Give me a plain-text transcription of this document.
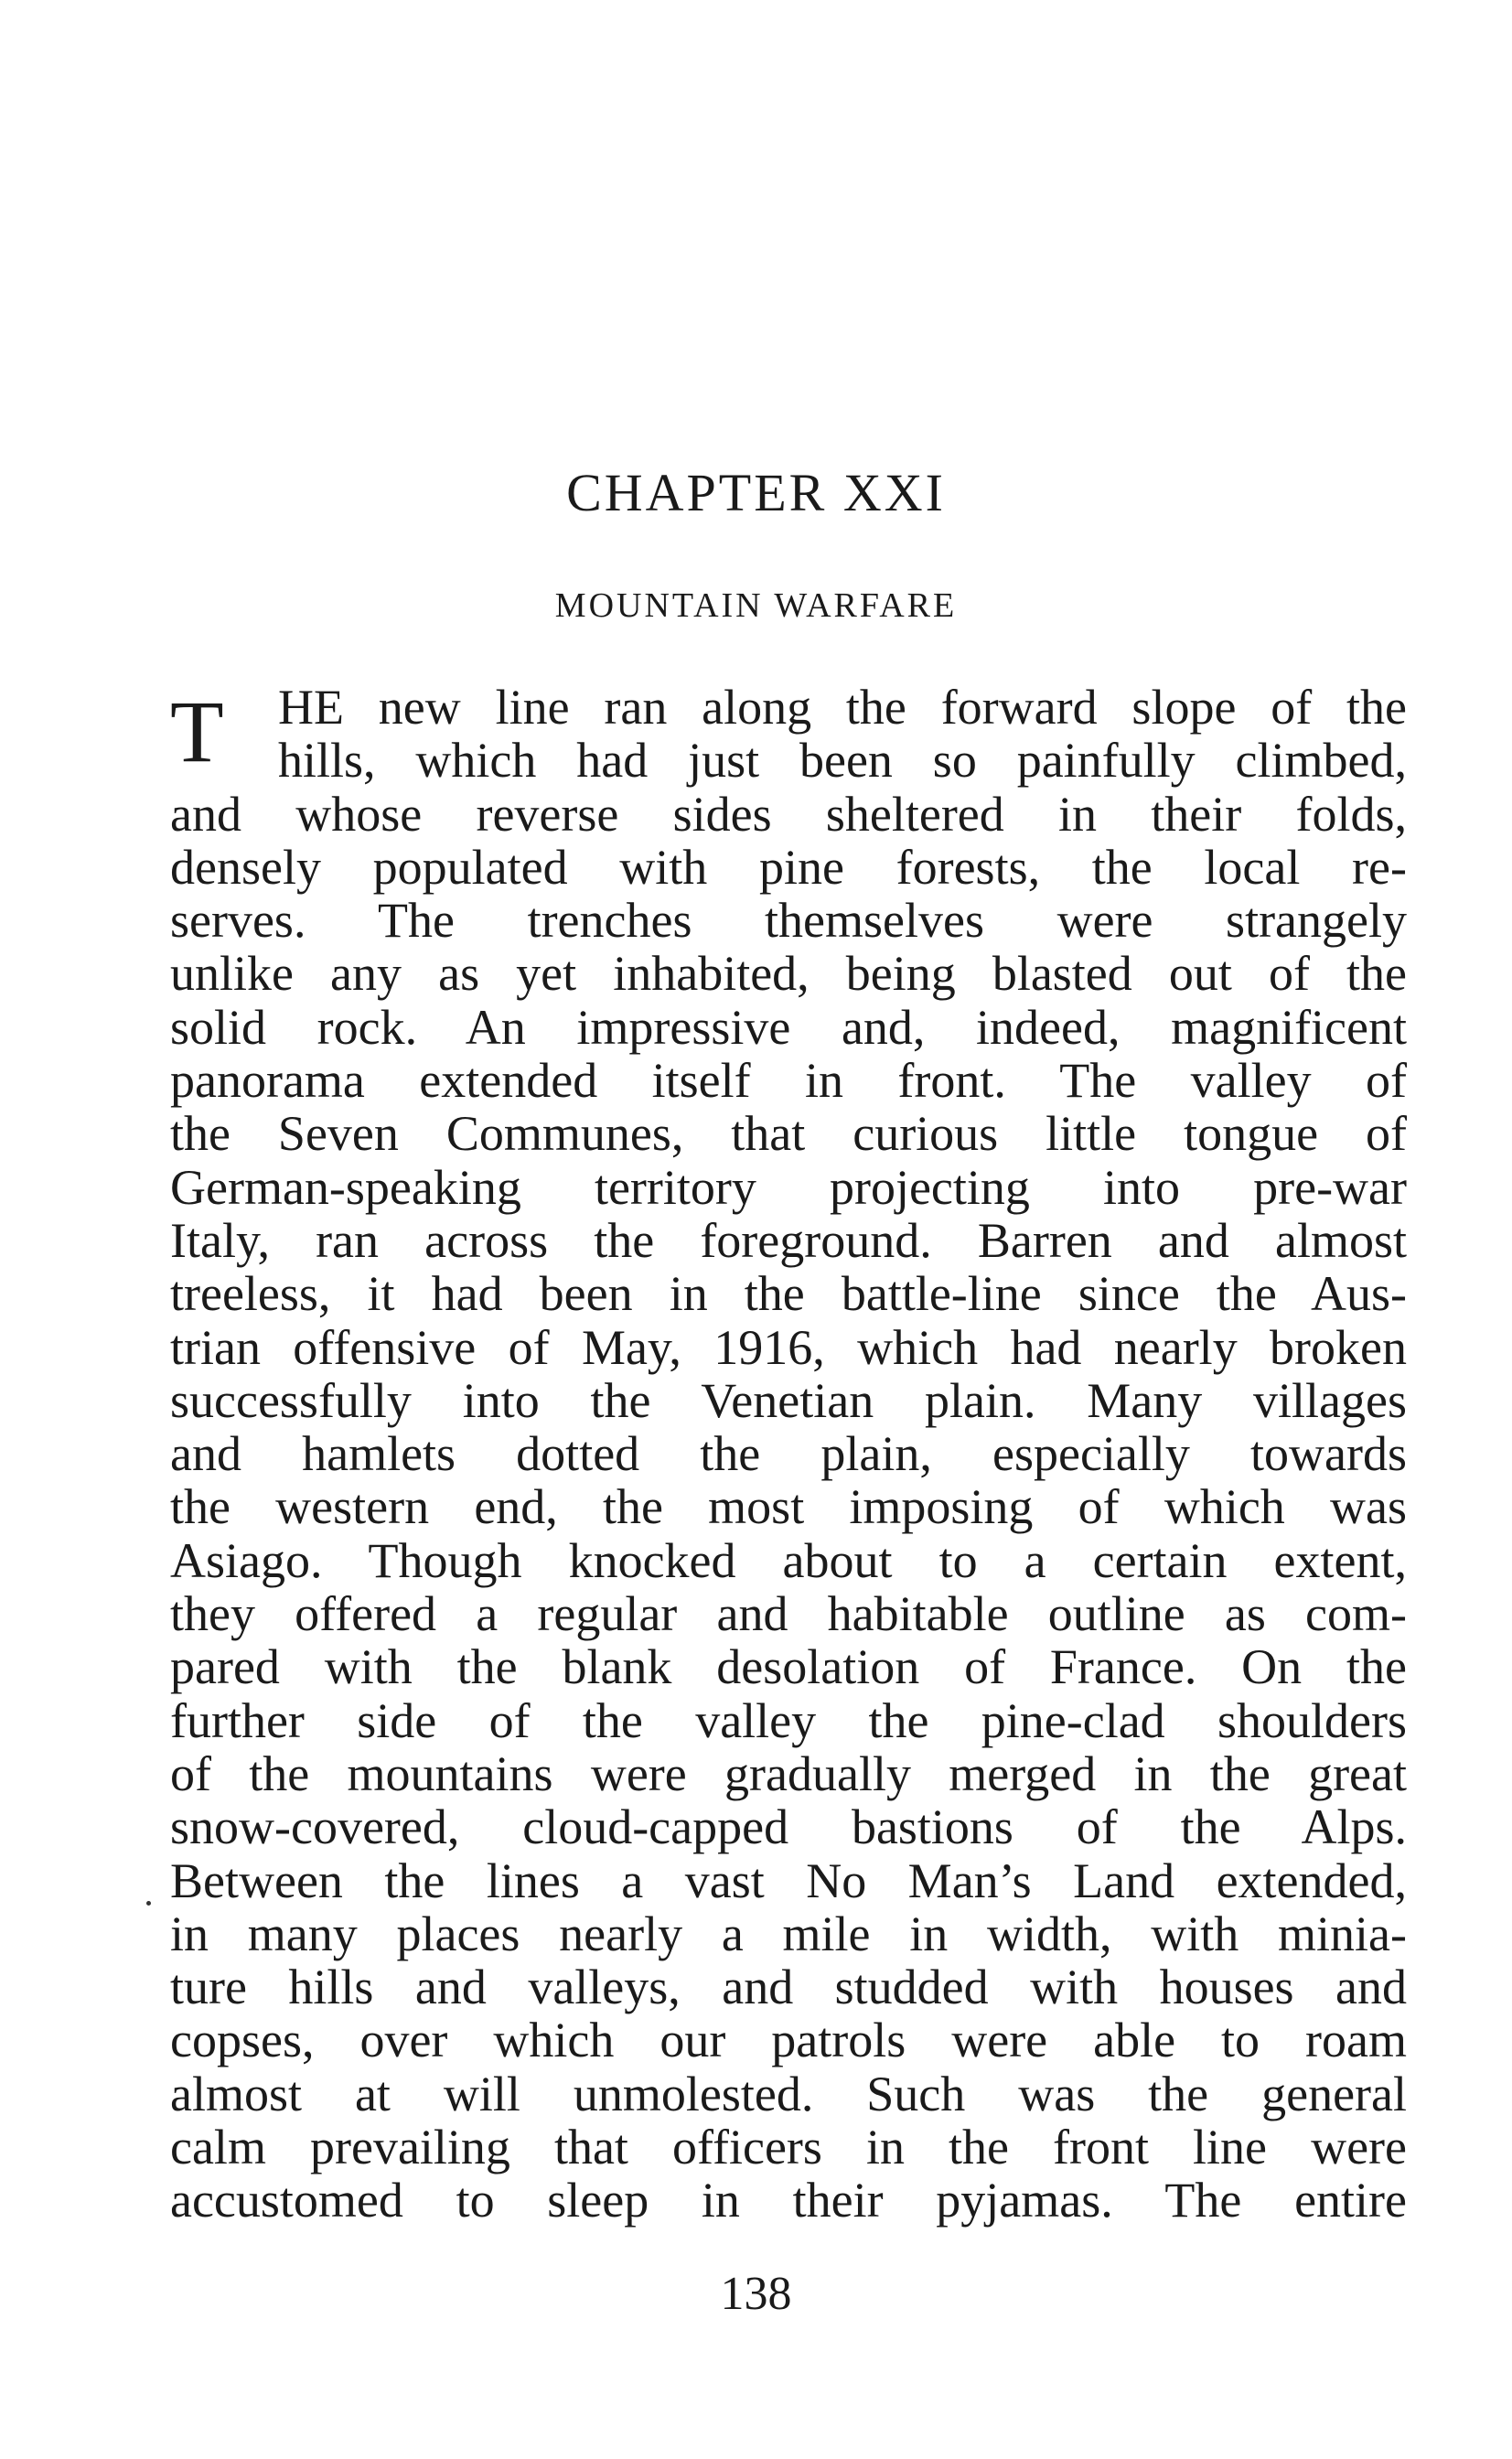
CHAPTER XXI
MOUNTAIN WARFARE
T	HE new line ran along the forward slope of the
hills, which had just been so painfully climbed,
and whose reverse sides sheltered in their folds,
densely populated with pine forests, the local re-
serves. The trenches themselves were strangely
unlike any as yet inhabited, being blasted out of the
solid rock. An impressive and, indeed, magnificent
panorama extended itself in front. The valley of
the Seven Communes, that curious little tongue of
German-speaking territory projecting into pre-war
Italy, ran across the foreground. Barren and almost
treeless, it had been in the battle-line since the Aus-
trian offensive of May, 1916, which had nearly broken
successfully into the Venetian plain. Many villages
and hamlets dotted the plain, especially towards
the western end, the most imposing of which was
Asiago. Though knocked about to a certain extent,
they offered a regular and habitable outline as com-
pared with the blank desolation of France. On the
further side of the valley the pine-clad shoulders
of the mountains were gradually merged in the great
snow-covered, cloud-capped bastions of the Alps.
Between the lines a vast No Man’s Land extended,
in many places nearly a mile in width, with minia-
ture hills and valleys, and studded with houses and
copses, over which our patrols were able to roam
almost at will unmolested. Such was the general
calm prevailing that officers in the front line were
accustomed to sleep in their pyjamas. The entire
138
